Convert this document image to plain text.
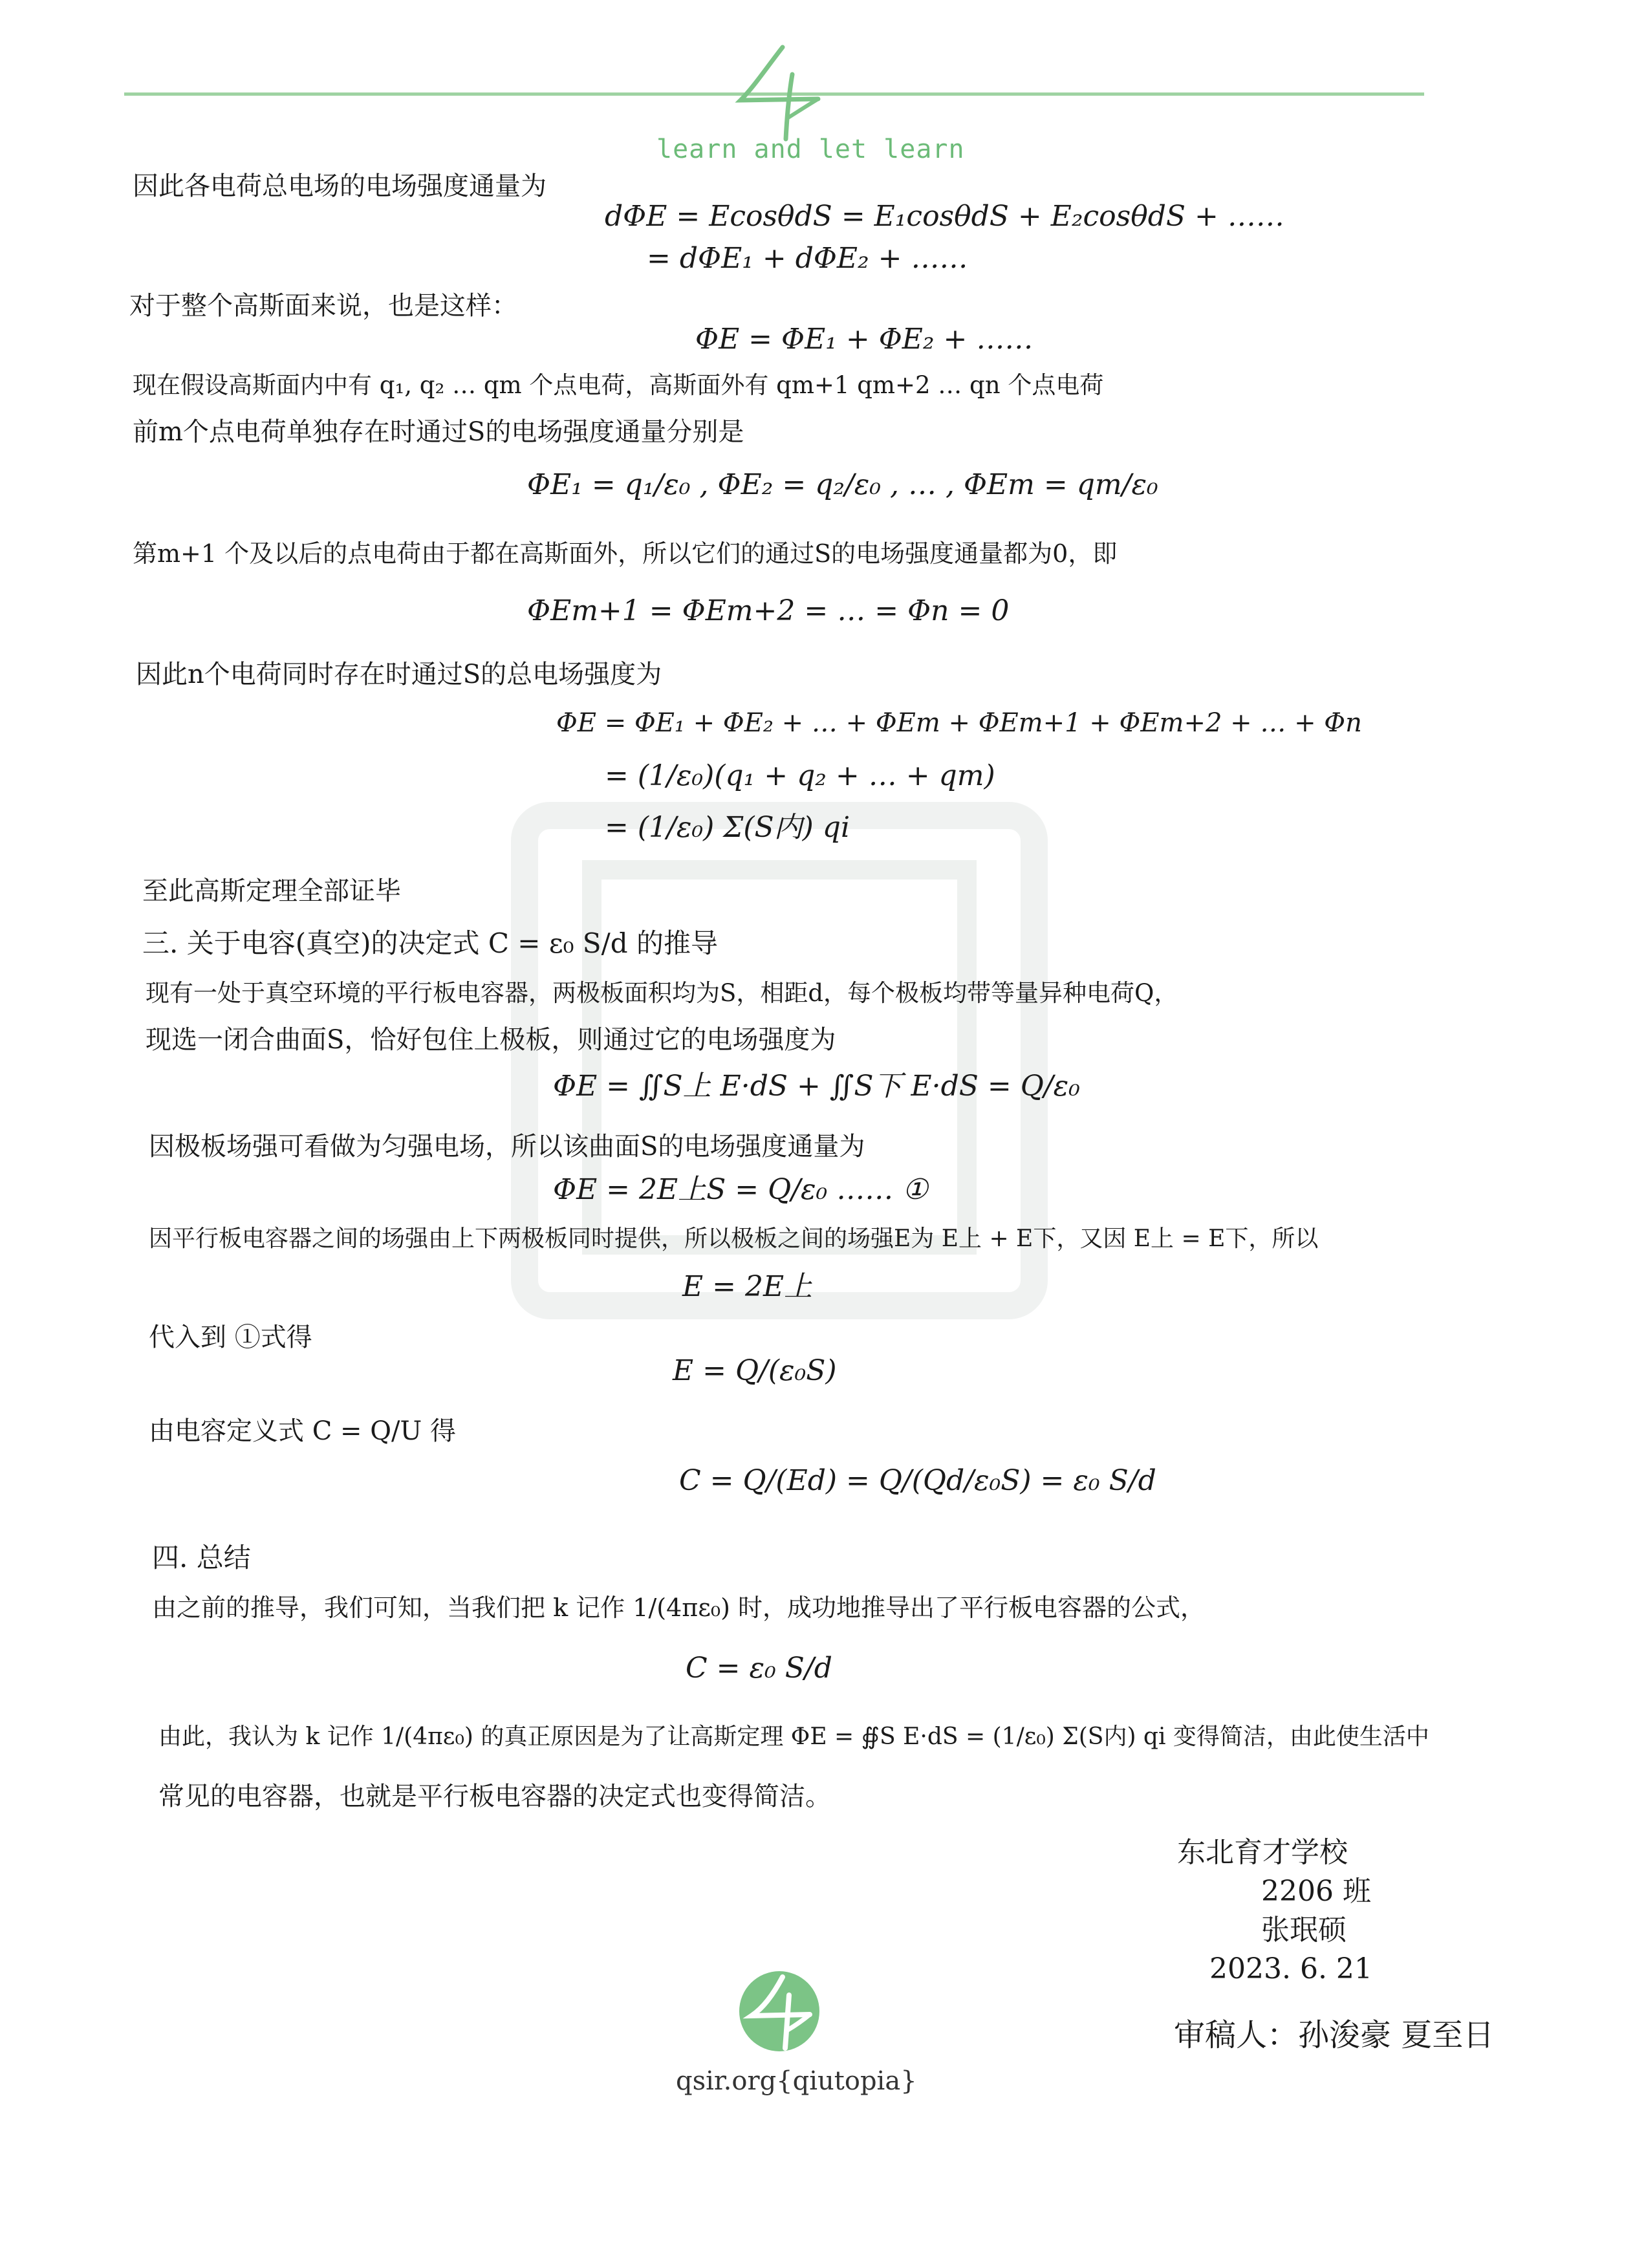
learn and let learn
因此各电荷总电场的电场强度通量为
dΦE = EcosθdS = E₁cosθdS + E₂cosθdS + ……
= dΦE₁ + dΦE₂ + ……
对于整个高斯面来说，也是这样：
ΦE = ΦE₁ + ΦE₂ + ……
现在假设高斯面内中有 q₁, q₂ … qm 个点电荷，高斯面外有 qm+1 qm+2 … qn 个点电荷
前m个点电荷单独存在时通过S的电场强度通量分别是
ΦE₁ = q₁/ε₀ , ΦE₂ = q₂/ε₀ , … , ΦEm = qm/ε₀
第m+1 个及以后的点电荷由于都在高斯面外，所以它们的通过S的电场强度通量都为0，即
ΦEm+1 = ΦEm+2 = … = Φn = 0
因此n个电荷同时存在时通过S的总电场强度为
ΦE = ΦE₁ + ΦE₂ + … + ΦEm + ΦEm+1 + ΦEm+2 + … + Φn
= (1/ε₀)(q₁ + q₂ + … + qm)
= (1/ε₀) Σ(S内) qi
至此高斯定理全部证毕
三. 关于电容(真空)的决定式 C = ε₀ S/d 的推导
现有一处于真空环境的平行板电容器，两极板面积均为S，相距d，每个极板均带等量异种电荷Q，
现选一闭合曲面S，恰好包住上极板，则通过它的电场强度为
ΦE = ∬S上 E·dS + ∬S下 E·dS = Q/ε₀
因极板场强可看做为匀强电场，所以该曲面S的电场强度通量为
ΦE = 2E上S = Q/ε₀ …… ①
因平行板电容器之间的场强由上下两极板同时提供，所以极板之间的场强E为 E上 + E下，又因 E上 = E下，所以
E = 2E上
代入到 ①式得
E = Q/(ε₀S)
由电容定义式 C = Q/U 得
C = Q/(Ed) = Q/(Qd/ε₀S) = ε₀ S/d
四. 总结
由之前的推导，我们可知，当我们把 k 记作 1/(4πε₀) 时，成功地推导出了平行板电容器的公式，
C = ε₀ S/d
由此，我认为 k 记作 1/(4πε₀) 的真正原因是为了让高斯定理 ΦE = ∯S E·dS = (1/ε₀) Σ(S内) qi 变得简洁，由此使生活中
常见的电容器，也就是平行板电容器的决定式也变得简洁。
东北育才学校
2206 班
张珉硕
2023. 6. 21
审稿人：孙浚豪 夏至日
qsir.org{qiutopia}
